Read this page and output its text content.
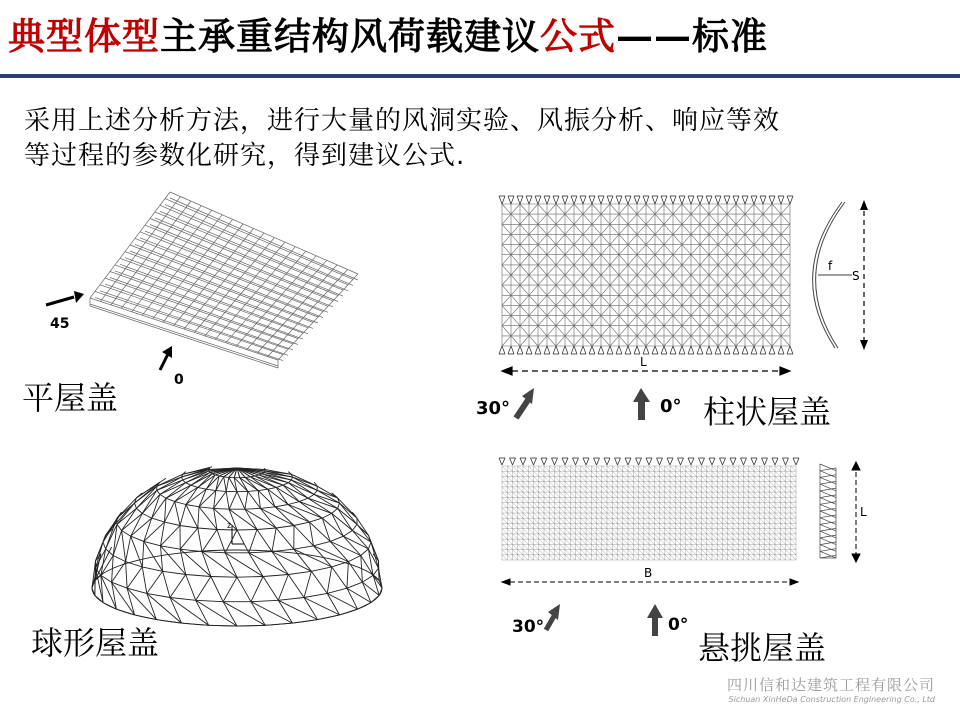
典型体型主承重结构风荷载建议公式——标准
采用上述分析方法，进行大量的风洞实验、风振分析、响应等效
等过程的参数化研究，得到建议公式.
45
0
平屋盖
L
f
S
30°	0° 柱状屋盖
z
球形屋盖
B
L
30°	0°
悬挑屋盖
四川信和达建筑工程有限公司
Sichuan XinHeDa Construction Engineering Co., Ltd
